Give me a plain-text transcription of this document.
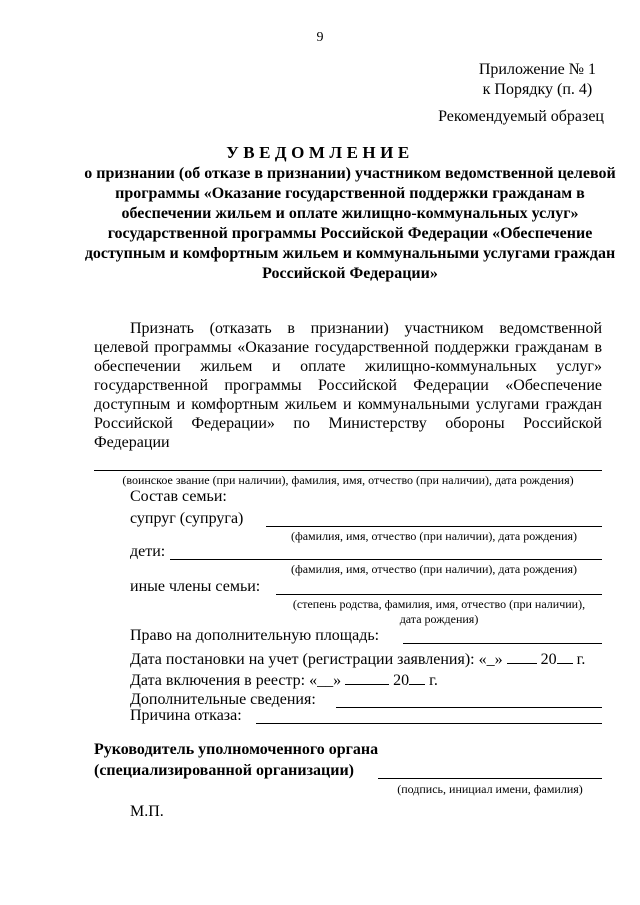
9
Приложение № 1
к Порядку (п. 4)
Рекомендуемый образец
УВЕДОМЛЕНИЕ
о признании (об отказе в признании) участником ведомственной целевой программы «Оказание государственной поддержки гражданам в обеспечении жильем и оплате жилищно-коммунальных услуг» государственной программы Российской Федерации «Обеспечение доступным и комфортным жильем и коммунальными услугами граждан Российской Федерации»
Признать (отказать в признании) участником ведомственной целевой программы «Оказание государственной поддержки гражданам в обеспечении жильем и оплате жилищно-коммунальных услуг» государственной программы Российской Федерации «Обеспечение доступным и комфортным жильем и коммунальными услугами граждан Российской Федерации» по Министерству обороны Российской Федерации
(воинское звание (при наличии), фамилия, имя, отчество (при наличии), дата рождения)
Состав семьи:
супруг (супруга)
(фамилия, имя, отчество (при наличии), дата рождения)
дети:
(фамилия, имя, отчество (при наличии), дата рождения)
иные члены семьи:
(степень родства, фамилия, имя, отчество (при наличии),
дата рождения)
Право на дополнительную площадь:
Дата постановки на учет (регистрации заявления): «_» 20 г.
Дата включения в реестр: «__»	20 г.
Дополнительные сведения:
Причина отказа:
Руководитель уполномоченного органа
(специализированной организации)
(подпись, инициал имени, фамилия)
М.П.
